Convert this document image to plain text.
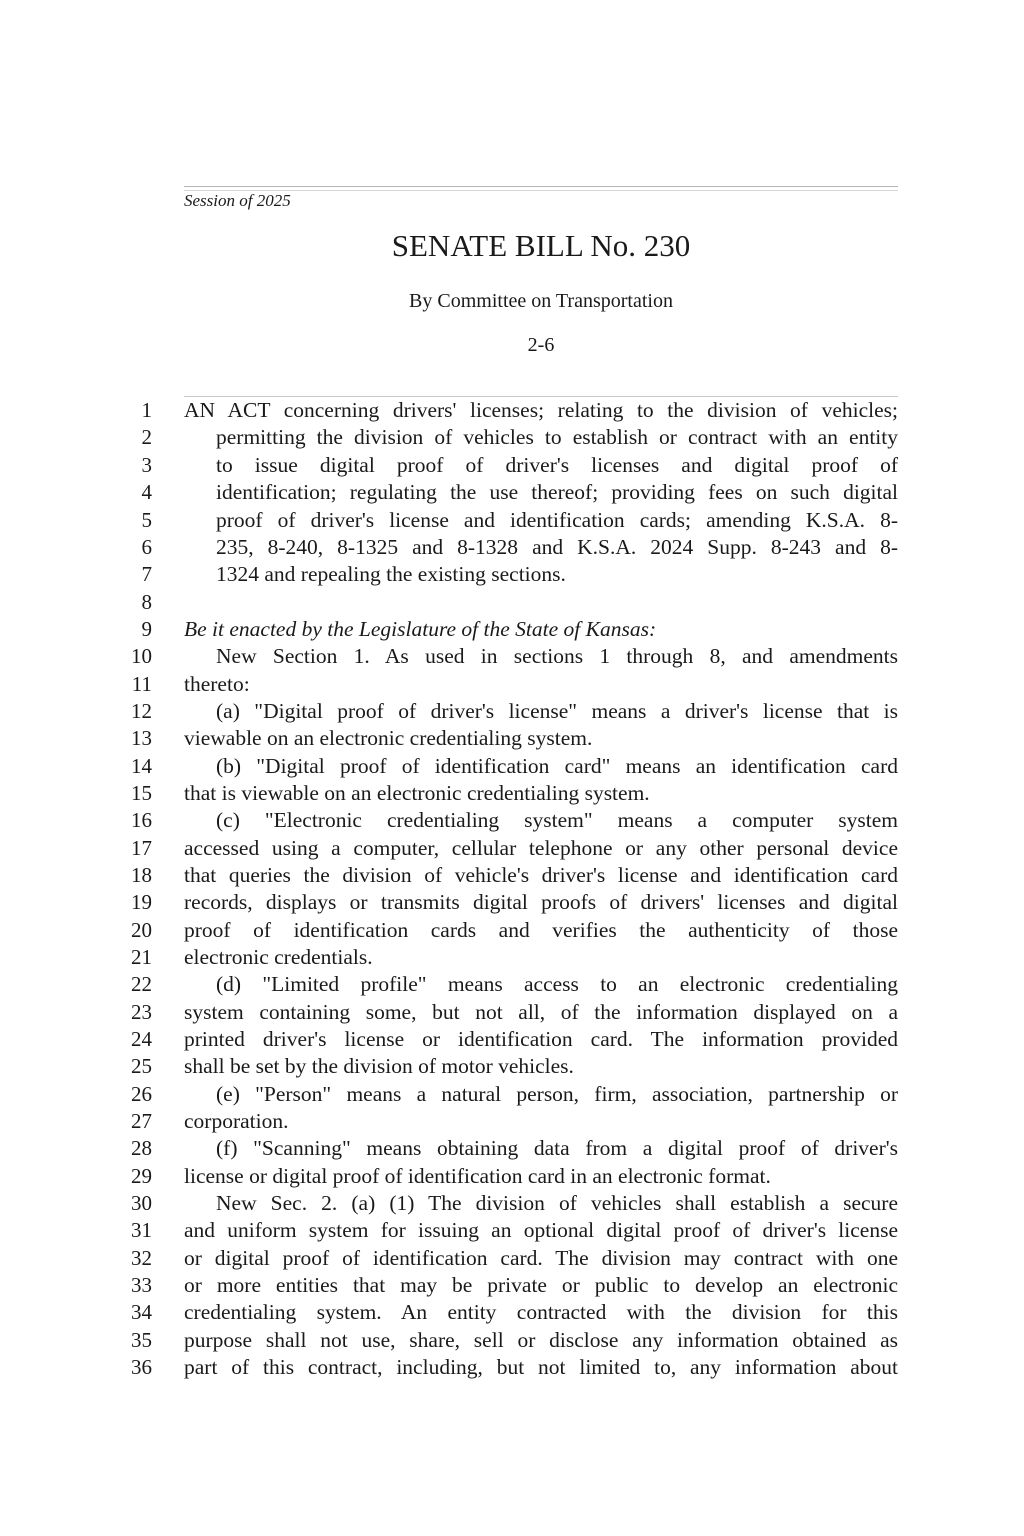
Session of 2025
SENATE BILL No. 230
By Committee on Transportation
2-6
1 AN ACT concerning drivers' licenses; relating to the division of vehicles;
2	permitting the division of vehicles to establish or contract with an entity
3	to issue digital proof of driver's licenses and digital proof of
4	identification; regulating the use thereof; providing fees on such digital
5	proof of driver's license and identification cards; amending K.S.A. 8-
6	235, 8-240, 8-1325 and 8-1328 and K.S.A. 2024 Supp. 8-243 and 8-
7	1324 and repealing the existing sections.
8
9 Be it enacted by the Legislature of the State of Kansas:
10	New Section 1. As used in sections 1 through 8, and amendments
11 thereto:
12	(a) "Digital proof of driver's license" means a driver's license that is
13 viewable on an electronic credentialing system.
14	(b) "Digital proof of identification card" means an identification card
15 that is viewable on an electronic credentialing system.
16	(c) "Electronic credentialing system" means a computer system
17 accessed using a computer, cellular telephone or any other personal device
18 that queries the division of vehicle's driver's license and identification card
19 records, displays or transmits digital proofs of drivers' licenses and digital
20 proof of identification cards and verifies the authenticity of those
21 electronic credentials.
22	(d) "Limited profile" means access to an electronic credentialing
23 system containing some, but not all, of the information displayed on a
24 printed driver's license or identification card. The information provided
25 shall be set by the division of motor vehicles.
26	(e) "Person" means a natural person, firm, association, partnership or
27 corporation.
28	(f) "Scanning" means obtaining data from a digital proof of driver's
29 license or digital proof of identification card in an electronic format.
30	New Sec. 2. (a) (1) The division of vehicles shall establish a secure
31 and uniform system for issuing an optional digital proof of driver's license
32 or digital proof of identification card. The division may contract with one
33 or more entities that may be private or public to develop an electronic
34 credentialing system. An entity contracted with the division for this
35 purpose shall not use, share, sell or disclose any information obtained as
36 part of this contract, including, but not limited to, any information about
